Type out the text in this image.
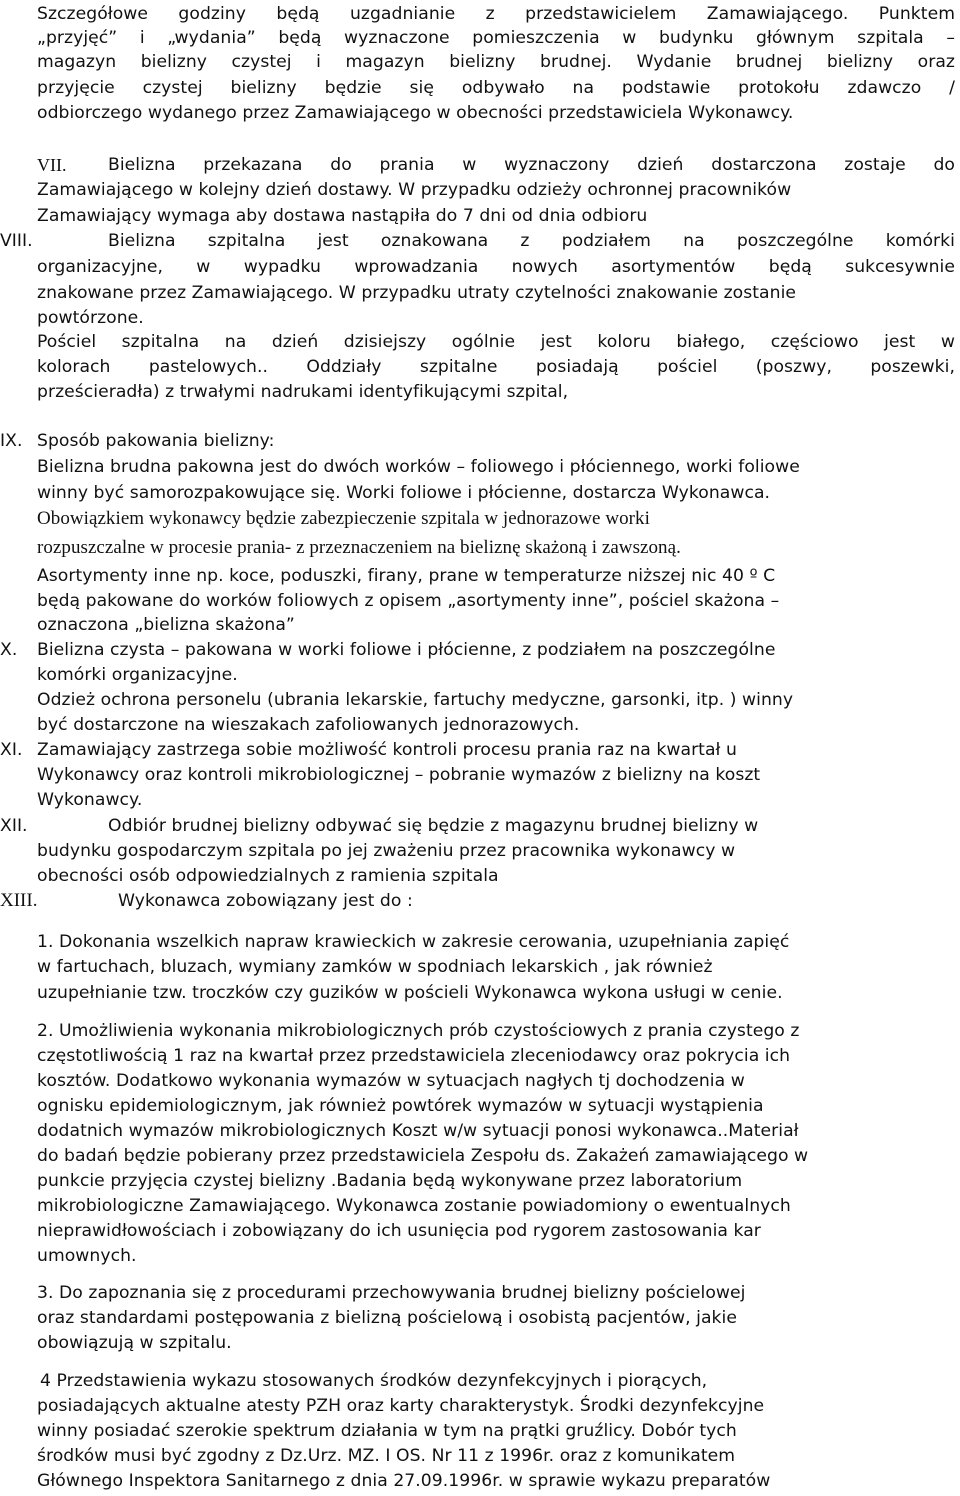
Szczegółowe godziny będą uzgadnianie z przedstawicielem Zamawiającego. Punktem
„przyjęć” i „wydania” będą wyznaczone pomieszczenia w budynku głównym szpitala –
magazyn bielizny czystej i magazyn bielizny brudnej. Wydanie brudnej bielizny oraz
przyjęcie czystej bielizny będzie się odbywało na podstawie protokołu zdawczo /
odbiorczego wydanego przez Zamawiającego w obecności przedstawiciela Wykonawcy.
VII. Bielizna przekazana do prania w wyznaczony dzień dostarczona zostaje do
Zamawiającego w kolejny dzień dostawy. W przypadku odzieży ochronnej pracowników
Zamawiający wymaga aby dostawa nastąpiła do 7 dni od dnia odbioru
VIII.	Bielizna szpitalna jest oznakowana z podziałem na poszczególne komórki
organizacyjne, w wypadku wprowadzania nowych asortymentów będą sukcesywnie
znakowane przez Zamawiającego. W przypadku utraty czytelności znakowanie zostanie
powtórzone.
Pościel szpitalna na dzień dzisiejszy ogólnie jest koloru białego, częściowo jest w
kolorach pastelowych.. Oddziały szpitalne posiadają pościel (poszwy, poszewki,
prześcieradła) z trwałymi nadrukami identyfikującymi szpital,
IX. Sposób pakowania bielizny:
Bielizna brudna pakowna jest do dwóch worków – foliowego i płóciennego, worki foliowe
winny być samorozpakowujące się. Worki foliowe i płócienne, dostarcza Wykonawca.
Obowiązkiem wykonawcy będzie zabezpieczenie szpitala w jednorazowe worki
rozpuszczalne w procesie prania- z przeznaczeniem na bieliznę skażoną i zawszoną.
Asortymenty inne np. koce, poduszki, firany, prane w temperaturze niższej nic 40 º C
będą pakowane do worków foliowych z opisem „asortymenty inne”, pościel skażona –
oznaczona „bielizna skażona”
X. Bielizna czysta – pakowana w worki foliowe i płócienne, z podziałem na poszczególne
komórki organizacyjne.
Odzież ochrona personelu (ubrania lekarskie, fartuchy medyczne, garsonki, itp. ) winny
być dostarczone na wieszakach zafoliowanych jednorazowych.
XI. Zamawiający zastrzega sobie możliwość kontroli procesu prania raz na kwartał u
Wykonawcy oraz kontroli mikrobiologicznej – pobranie wymazów z bielizny na koszt
Wykonawcy.
XII.	Odbiór brudnej bielizny odbywać się będzie z magazynu brudnej bielizny w
budynku gospodarczym szpitala po jej zważeniu przez pracownika wykonawcy w
obecności osób odpowiedzialnych z ramienia szpitala
XIII.	Wykonawca zobowiązany jest do :
1. Dokonania wszelkich napraw krawieckich w zakresie cerowania, uzupełniania zapięć
w fartuchach, bluzach, wymiany zamków w spodniach lekarskich , jak również
uzupełnianie tzw. troczków czy guzików w pościeli Wykonawca wykona usługi w cenie.
2. Umożliwienia wykonania mikrobiologicznych prób czystościowych z prania czystego z
częstotliwością 1 raz na kwartał przez przedstawiciela zleceniodawcy oraz pokrycia ich
kosztów. Dodatkowo wykonania wymazów w sytuacjach nagłych tj dochodzenia w
ognisku epidemiologicznym, jak również powtórek wymazów w sytuacji wystąpienia
dodatnich wymazów mikrobiologicznych Koszt w/w sytuacji ponosi wykonawca..Materiał
do badań będzie pobierany przez przedstawiciela Zespołu ds. Zakażeń zamawiającego w
punkcie przyjęcia czystej bielizny .Badania będą wykonywane przez laboratorium
mikrobiologiczne Zamawiającego. Wykonawca zostanie powiadomiony o ewentualnych
nieprawidłowościach i zobowiązany do ich usunięcia pod rygorem zastosowania kar
umownych.
3. Do zapoznania się z procedurami przechowywania brudnej bielizny pościelowej
oraz standardami postępowania z bielizną pościelową i osobistą pacjentów, jakie
obowiązują w szpitalu.
4 Przedstawienia wykazu stosowanych środków dezynfekcyjnych i piorących,
posiadających aktualne atesty PZH oraz karty charakterystyk. Środki dezynfekcyjne
winny posiadać szerokie spektrum działania w tym na prątki gruźlicy. Dobór tych
środków musi być zgodny z Dz.Urz. MZ. I OS. Nr 11 z 1996r. oraz z komunikatem
Głównego Inspektora Sanitarnego z dnia 27.09.1996r. w sprawie wykazu preparatów
